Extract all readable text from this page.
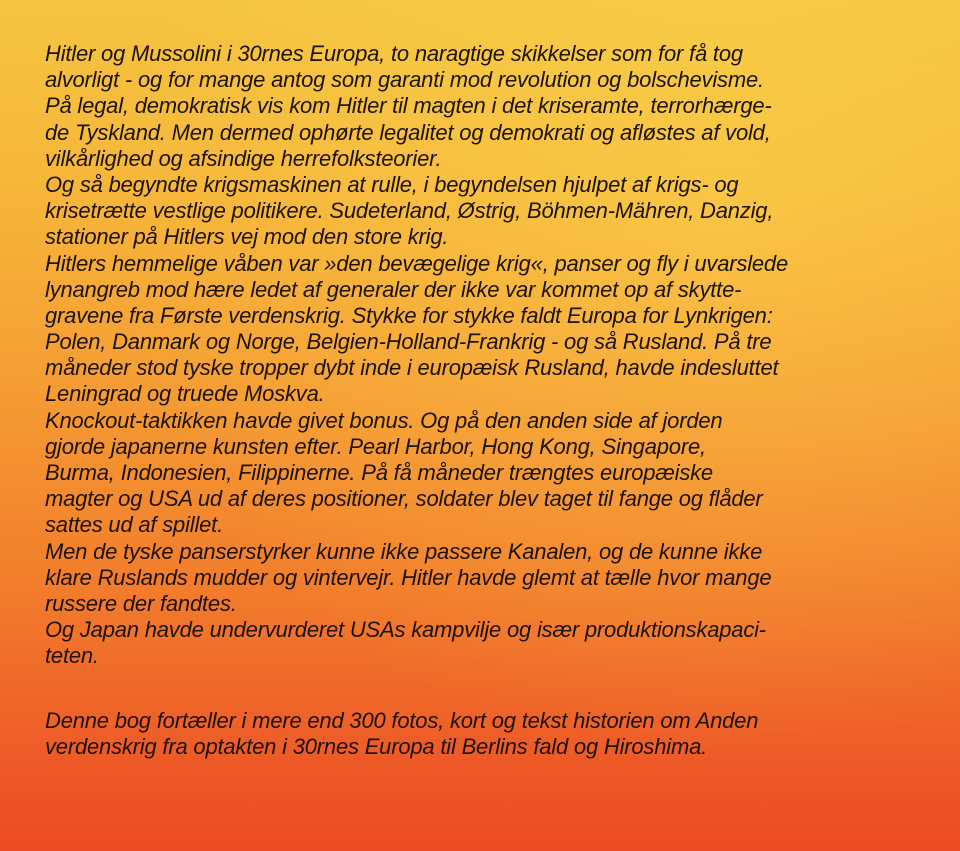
Hitler og Mussolini i 30rnes Europa, to naragtige skikkelser som for få tog
alvorligt - og for mange antog som garanti mod revolution og bolschevisme.
På legal, demokratisk vis kom Hitler til magten i det kriseramte, terrorhærge-
de Tyskland. Men dermed ophørte legalitet og demokrati og afløstes af vold,
vilkårlighed og afsindige herrefolksteorier.
Og så begyndte krigsmaskinen at rulle, i begyndelsen hjulpet af krigs- og
krisetrætte vestlige politikere. Sudeterland, Østrig, Böhmen-Mähren, Danzig,
stationer på Hitlers vej mod den store krig.
Hitlers hemmelige våben var »den bevægelige krig«, panser og fly i uvarslede
lynangreb mod hære ledet af generaler der ikke var kommet op af skytte-
gravene fra Første verdenskrig. Stykke for stykke faldt Europa for Lynkrigen:
Polen, Danmark og Norge, Belgien-Holland-Frankrig - og så Rusland. På tre
måneder stod tyske tropper dybt inde i europæisk Rusland, havde indesluttet
Leningrad og truede Moskva.
Knockout-taktikken havde givet bonus. Og på den anden side af jorden
gjorde japanerne kunsten efter. Pearl Harbor, Hong Kong, Singapore,
Burma, Indonesien, Filippinerne. På få måneder trængtes europæiske
magter og USA ud af deres positioner, soldater blev taget til fange og flåder
sattes ud af spillet.
Men de tyske panserstyrker kunne ikke passere Kanalen, og de kunne ikke
klare Ruslands mudder og vintervejr. Hitler havde glemt at tælle hvor mange
russere der fandtes.
Og Japan havde undervurderet USAs kampvilje og især produktionskapaci-
teten.
Denne bog fortæller i mere end 300 fotos, kort og tekst historien om Anden
verdenskrig fra optakten i 30rnes Europa til Berlins fald og Hiroshima.
